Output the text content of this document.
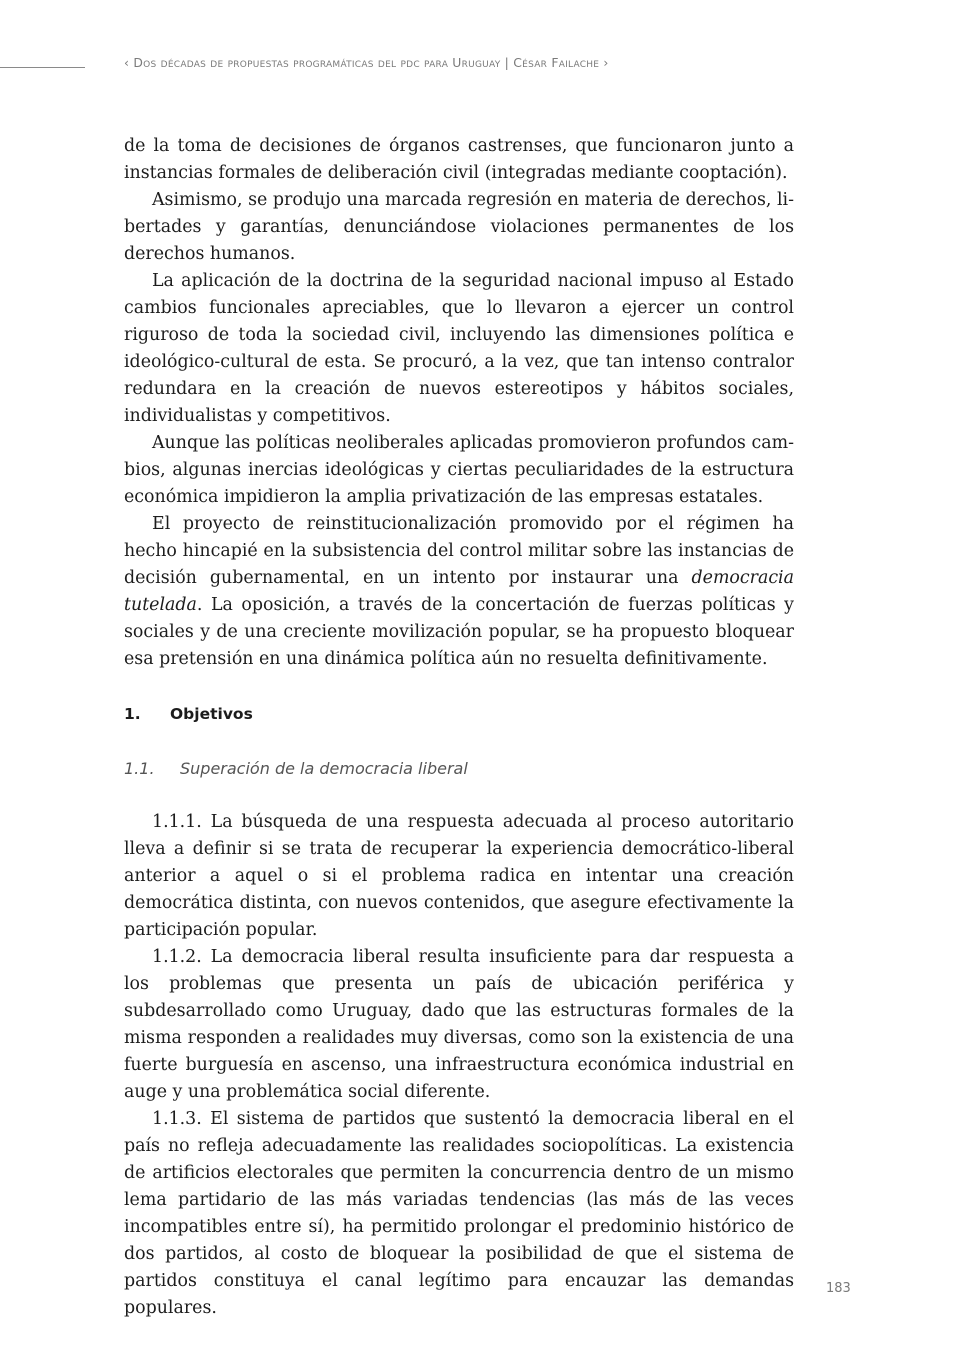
‹ Dos décadas de propuestas programáticas del pdc para Uruguay | César Failache ›

de la toma de decisiones de órganos castrenses, que funcionaron junto a instancias formales de deliberación civil (integradas mediante cooptación).

Asimismo, se produjo una marcada regresión en materia de derechos, libertades y garantías, denunciándose violaciones permanentes de los derechos humanos.

La aplicación de la doctrina de la seguridad nacional impuso al Estado cambios funcionales apreciables, que lo llevaron a ejercer un control riguroso de toda la sociedad civil, incluyendo las dimensiones política e ideológico-cultural de esta. Se procuró, a la vez, que tan intenso contralor redundara en la creación de nuevos estereotipos y hábitos sociales, individualistas y competitivos.

Aunque las políticas neoliberales aplicadas promovieron profundos cambios, algunas inercias ideológicas y ciertas peculiaridades de la estructura económica impidieron la amplia privatización de las empresas estatales.

El proyecto de reinstitucionalización promovido por el régimen ha hecho hincapié en la subsistencia del control militar sobre las instancias de decisión gubernamental, en un intento por instaurar una democracia tutelada. La oposición, a través de la concertación de fuerzas políticas y sociales y de una creciente movilización popular, se ha propuesto bloquear esa pretensión en una dinámica política aún no resuelta definitivamente.

1. Objetivos
1.1. Superación de la democracia liberal

1.1.1. La búsqueda de una respuesta adecuada al proceso autoritario lleva a definir si se trata de recuperar la experiencia democrático-liberal anterior a aquel o si el problema radica en intentar una creación democrática distinta, con nuevos contenidos, que asegure efectivamente la participación popular.

1.1.2. La democracia liberal resulta insuficiente para dar respuesta a los problemas que presenta un país de ubicación periférica y subdesarrollado como Uruguay, dado que las estructuras formales de la misma responden a realidades muy diversas, como son la existencia de una fuerte burguesía en ascenso, una infraestructura económica industrial en auge y una problemática social diferente.

1.1.3. El sistema de partidos que sustentó la democracia liberal en el país no refleja adecuadamente las realidades sociopolíticas. La existencia de artificios electorales que permiten la concurrencia dentro de un mismo lema partidario de las más variadas tendencias (las más de las veces incompatibles entre sí), ha permitido prolongar el predominio histórico de dos partidos, al costo de bloquear la posibilidad de que el sistema de partidos constituya el canal legítimo para encauzar las demandas populares.

183
